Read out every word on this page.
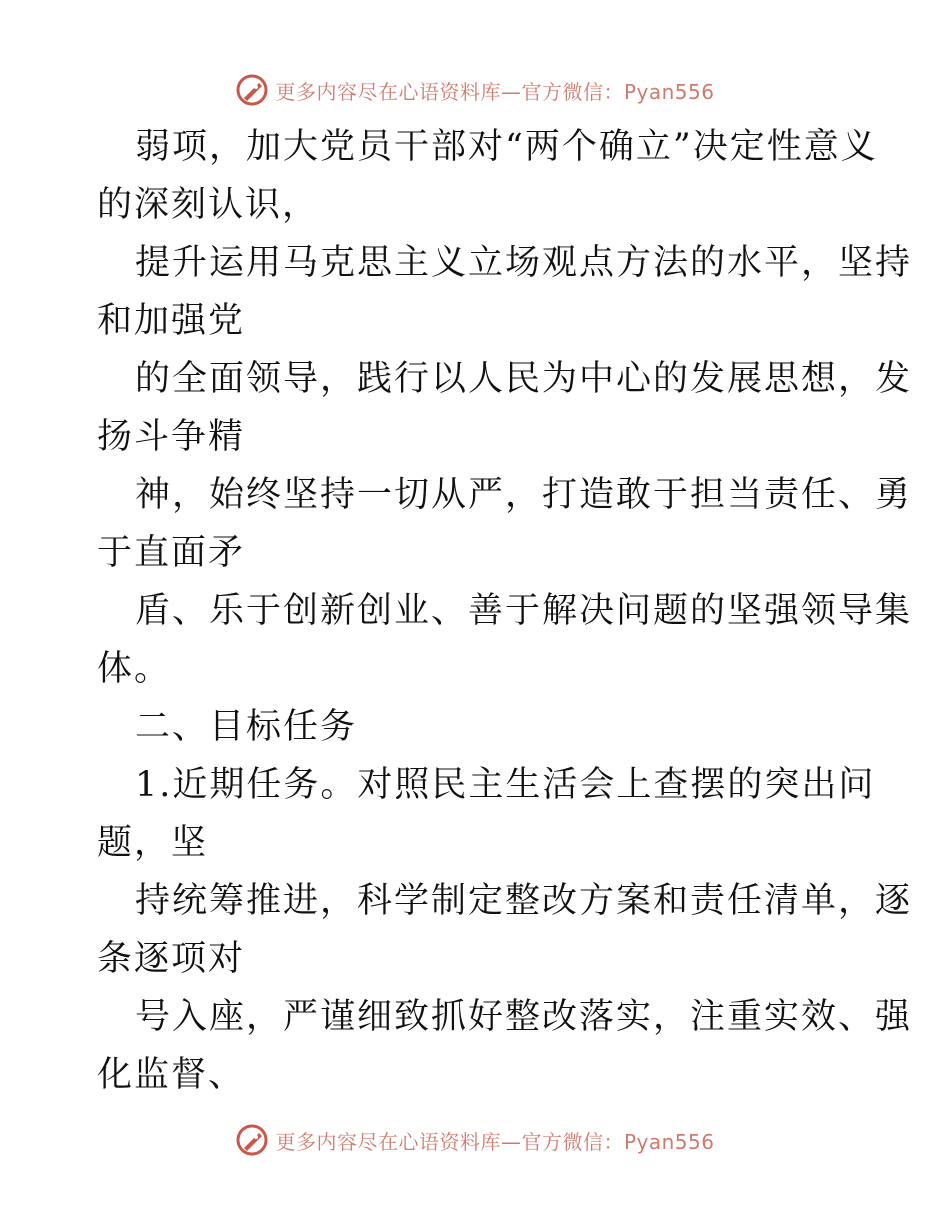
更多内容尽在心语资料库—官方微信：Pyan556
弱项，加大党员干部对“两个确立”决定性意义
的深刻认识，
提升运用马克思主义立场观点方法的水平，坚持
和加强党
的全面领导，践行以人民为中心的发展思想，发
扬斗争精
神，始终坚持一切从严，打造敢于担当责任、勇
于直面矛
盾、乐于创新创业、善于解决问题的坚强领导集
体。
二、目标任务
1.近期任务。对照民主生活会上查摆的突出问
题，坚
持统筹推进，科学制定整改方案和责任清单，逐
条逐项对
号入座，严谨细致抓好整改落实，注重实效、强
化监督、
更多内容尽在心语资料库—官方微信：Pyan556
